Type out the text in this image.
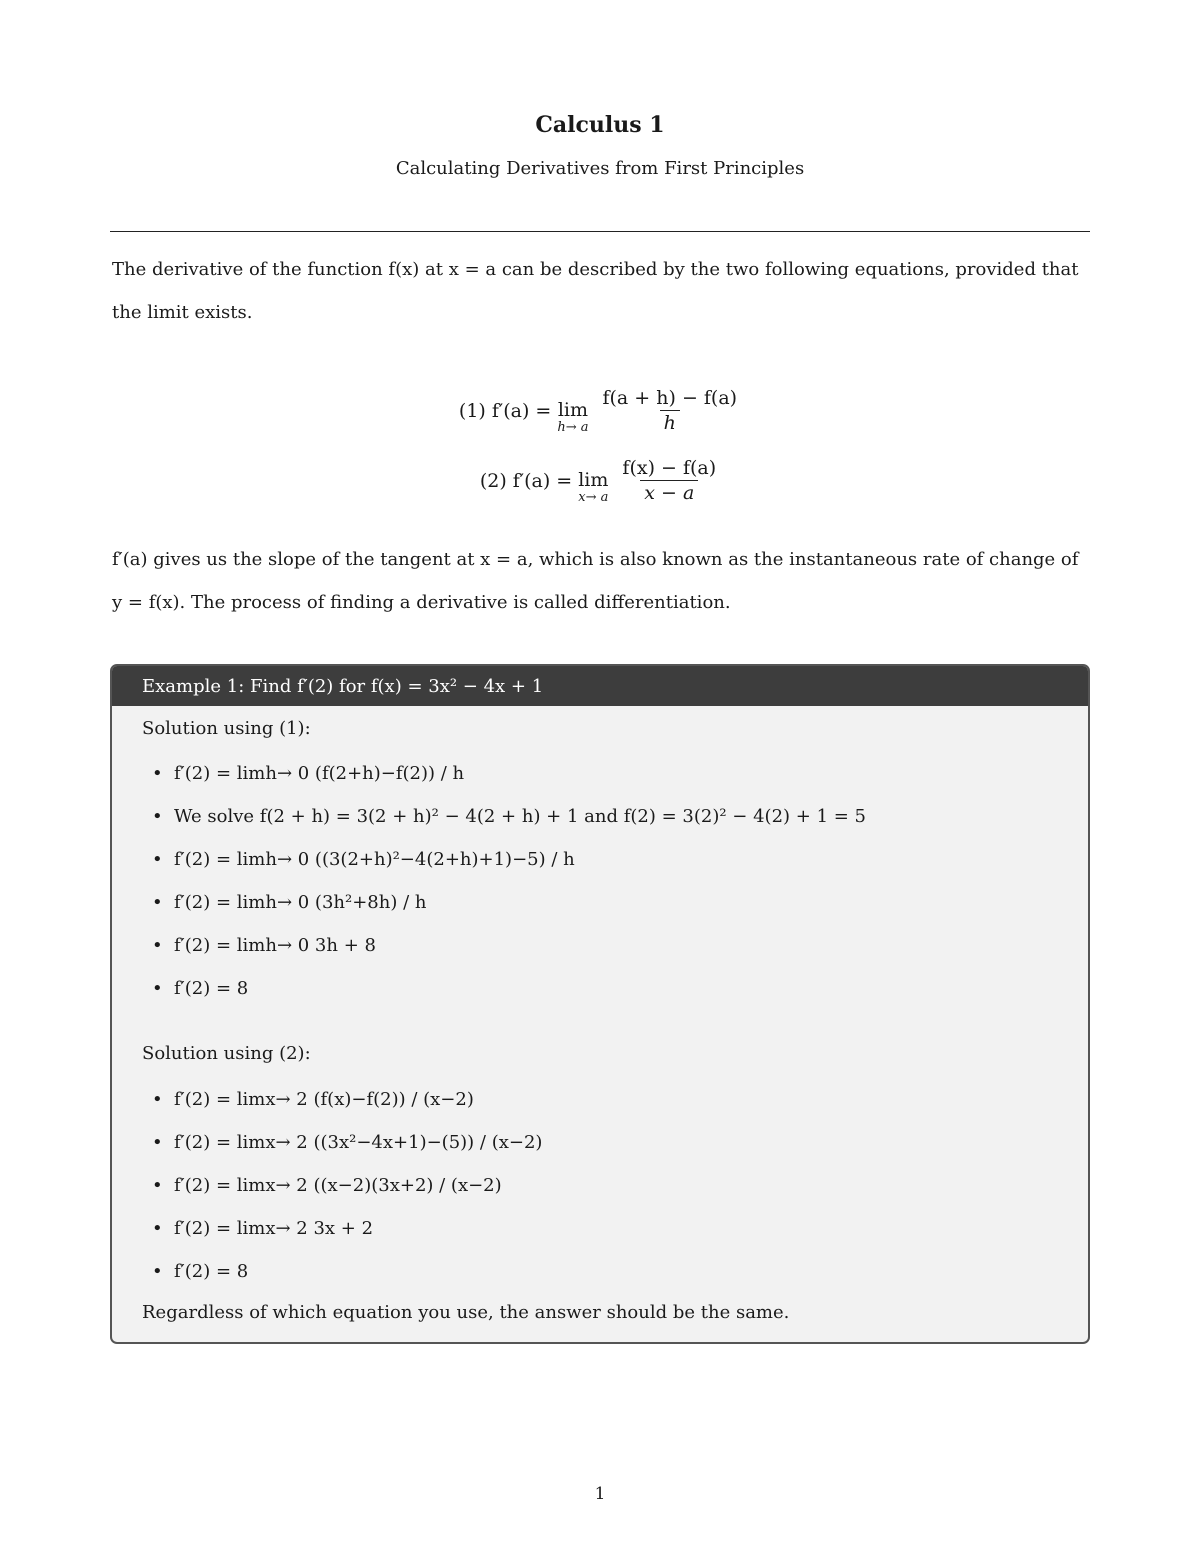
Calculus 1
Calculating Derivatives from First Principles
The derivative of the function f(x) at x = a can be described by the two following equations, provided that the limit exists.
(1) f′(a) = lim
h→ a $\frac{f(a + h) - f(a)}{h}$
(2) f′(a) = lim
x→ a $\frac{f(x) - f(a)}{x - a}$
f′(a) gives us the slope of the tangent at x = a, which is also known as the instantaneous rate of change of y = f(x). The process of finding a derivative is called differentiation.
Example 1: Find f′(2) for f(x) = 3x² − 4x + 1
Solution using (1):
• f′(2) = limh→ 0 (f(2+h)−f(2)) / h
• We solve f(2 + h) = 3(2 + h)² − 4(2 + h) + 1 and f(2) = 3(2)² − 4(2) + 1 = 5
• f′(2) = limh→ 0 ((3(2+h)²−4(2+h)+1)−5) / h
• f′(2) = limh→ 0 (3h²+8h) / h
• f′(2) = limh→ 0 3h + 8
• f′(2) = 8
Solution using (2):
• f′(2) = limx→ 2 (f(x)−f(2)) / (x−2)
• f′(2) = limx→ 2 ((3x²−4x+1)−(5)) / (x−2)
• f′(2) = limx→ 2 ((x−2)(3x+2) / (x−2)
• f′(2) = limx→ 2 3x + 2
• f′(2) = 8
Regardless of which equation you use, the answer should be the same.
1
